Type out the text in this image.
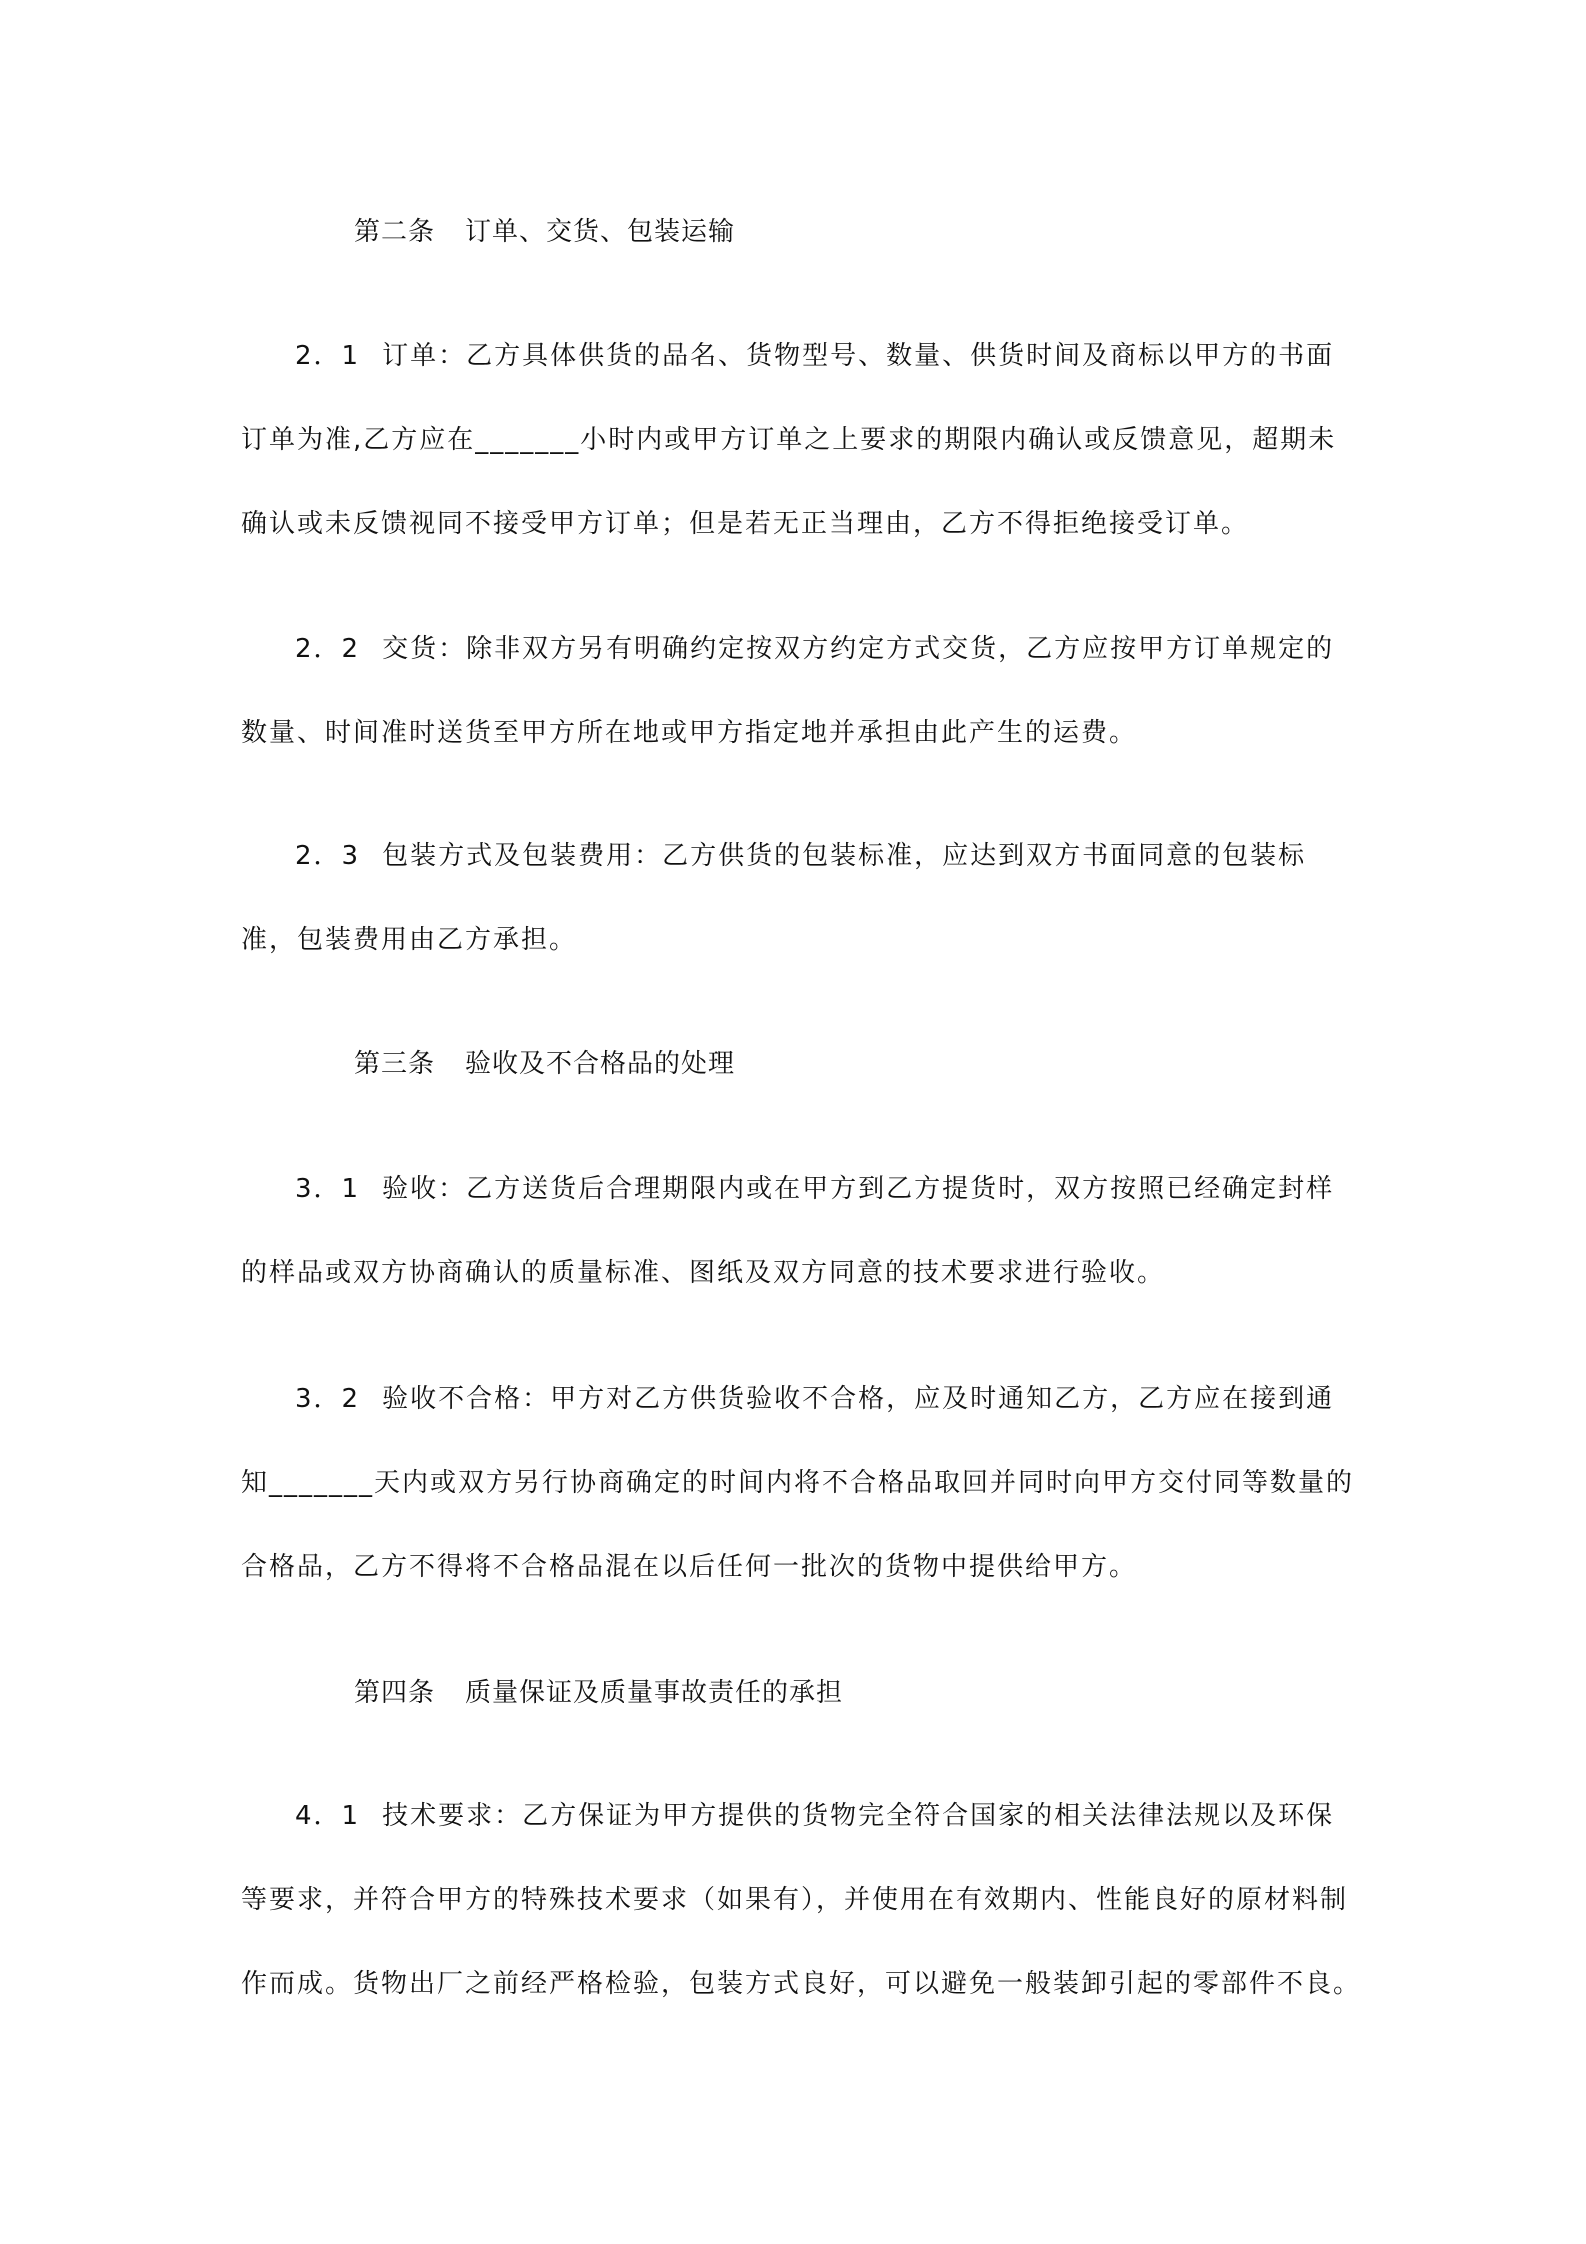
第二条 订单、交货、包装运输
2．1 订单：乙方具体供货的品名、货物型号、数量、供货时间及商标以甲方的书面订单为准,乙方应在_______小时内或甲方订单之上要求的期限内确认或反馈意见，超期未确认或未反馈视同不接受甲方订单；但是若无正当理由，乙方不得拒绝接受订单。
2．2 交货：除非双方另有明确约定按双方约定方式交货，乙方应按甲方订单规定的数量、时间准时送货至甲方所在地或甲方指定地并承担由此产生的运费。
2．3 包装方式及包装费用：乙方供货的包装标准，应达到双方书面同意的包装标准，包装费用由乙方承担。
第三条 验收及不合格品的处理
3．1 验收：乙方送货后合理期限内或在甲方到乙方提货时，双方按照已经确定封样的样品或双方协商确认的质量标准、图纸及双方同意的技术要求进行验收。
3．2 验收不合格：甲方对乙方供货验收不合格，应及时通知乙方，乙方应在接到通知_______天内或双方另行协商确定的时间内将不合格品取回并同时向甲方交付同等数量的合格品，乙方不得将不合格品混在以后任何一批次的货物中提供给甲方。
第四条 质量保证及质量事故责任的承担
4．1 技术要求：乙方保证为甲方提供的货物完全符合国家的相关法律法规以及环保等要求，并符合甲方的特殊技术要求（如果有），并使用在有效期内、性能良好的原材料制作而成。货物出厂之前经严格检验，包装方式良好，可以避免一般装卸引起的零部件不良。
